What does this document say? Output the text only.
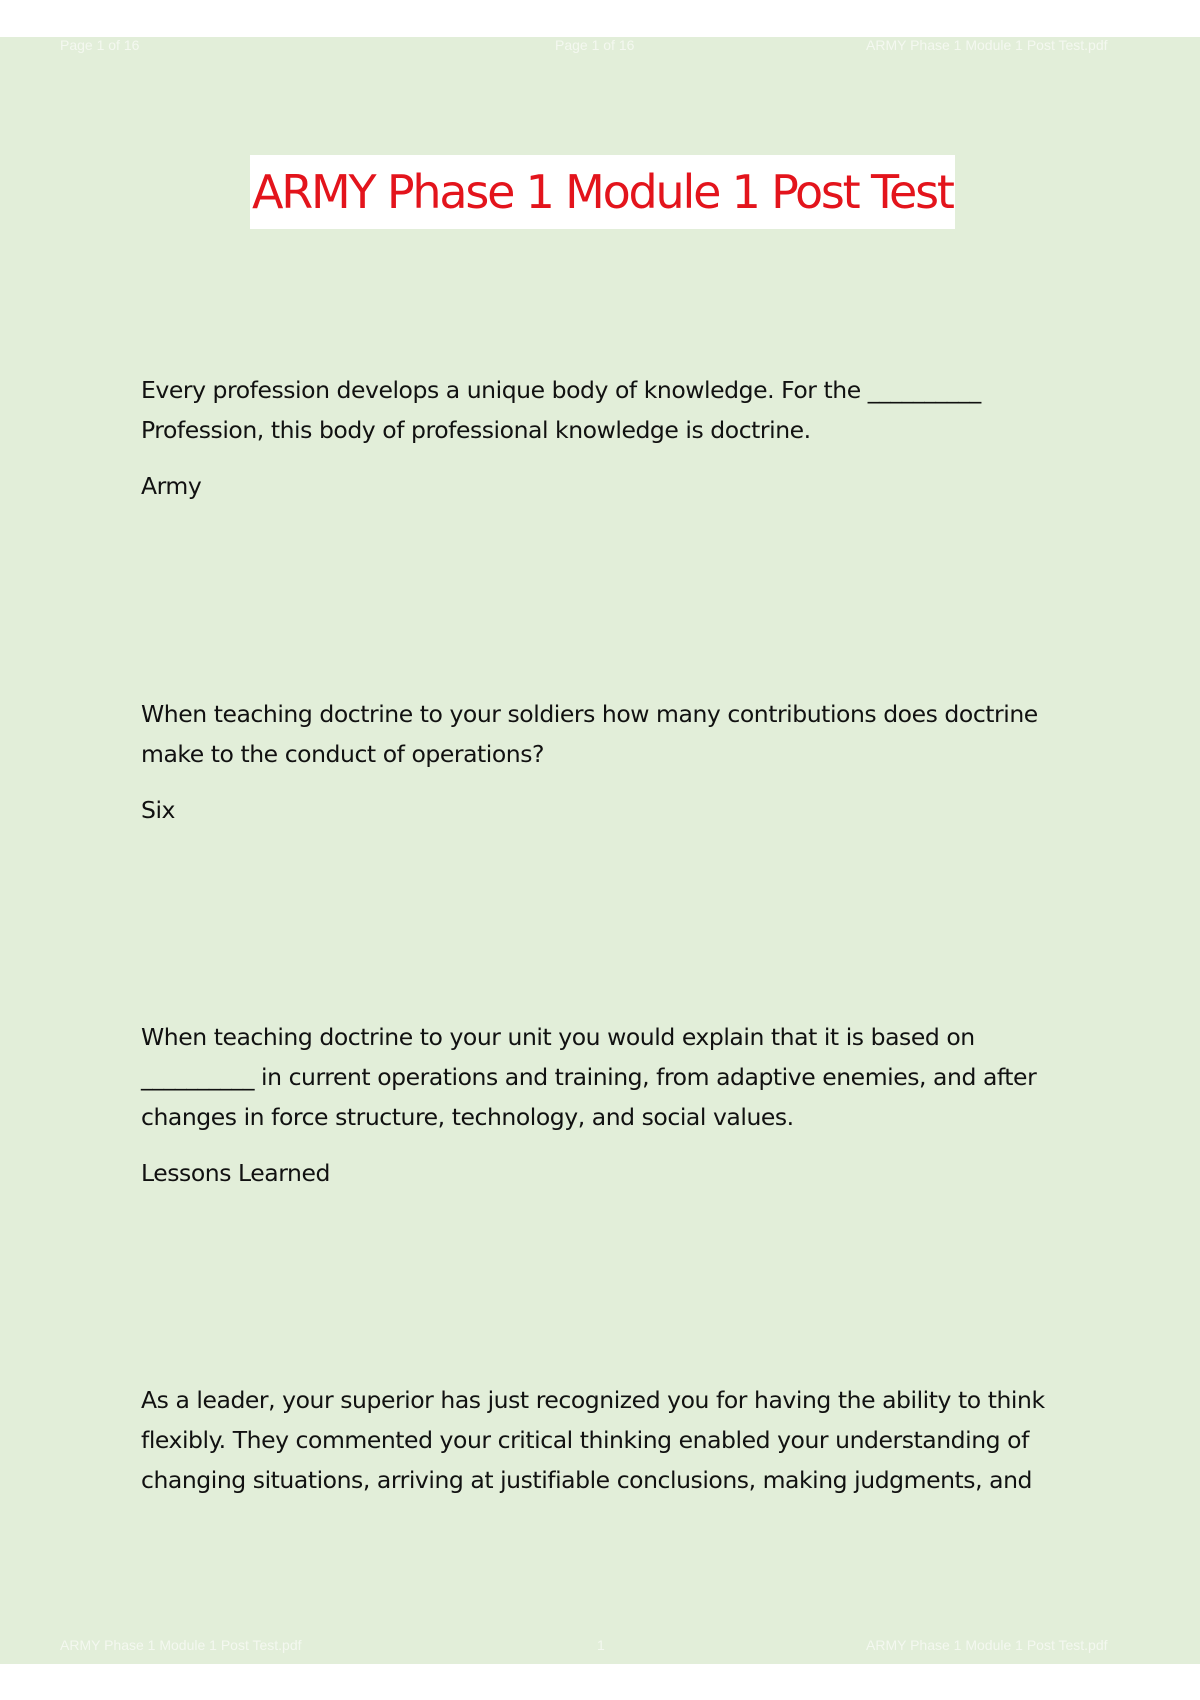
Page 1 of 16	Page 1 of 16	ARMY Phase 1 Module 1 Post Test.pdf
ARMY Phase 1 Module 1 Post Test

Every profession develops a unique body of knowledge. For the __________ Profession, this body of professional knowledge is doctrine.

Army

When teaching doctrine to your soldiers how many contributions does doctrine make to the conduct of operations?

Six

When teaching doctrine to your unit you would explain that it is based on __________ in current operations and training, from adaptive enemies, and after changes in force structure, technology, and social values.

Lessons Learned

As a leader, your superior has just recognized you for having the ability to think flexibly. They commented your critical thinking enabled your understanding of changing situations, arriving at justifiable conclusions, making judgments, and

ARMY Phase 1 Module 1 Post Test.pdf	1	ARMY Phase 1 Module 1 Post Test.pdf
